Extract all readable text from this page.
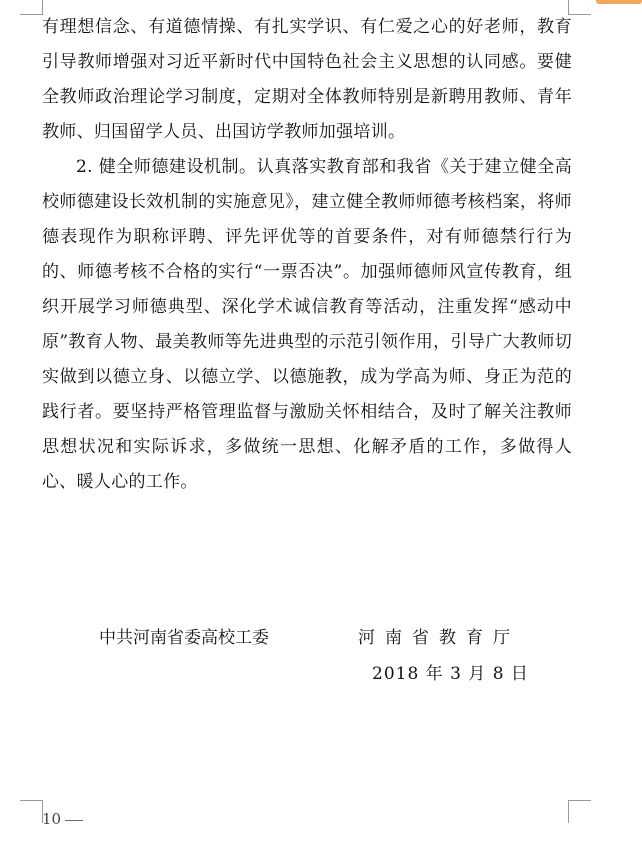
有理想信念、有道德情操、有扎实学识、有仁爱之心的好老师，教育引导教师增强对习近平新时代中国特色社会主义思想的认同感。要健全教师政治理论学习制度，定期对全体教师特别是新聘用教师、青年教师、归国留学人员、出国访学教师加强培训。

2. 健全师德建设机制。认真落实教育部和我省《关于建立健全高校师德建设长效机制的实施意见》，建立健全教师师德考核档案，将师德表现作为职称评聘、评先评优等的首要条件，对有师德禁行行为的、师德考核不合格的实行“一票否决”。加强师德师风宣传教育，组织开展学习师德典型、深化学术诚信教育等活动，注重发挥“感动中原”教育人物、最美教师等先进典型的示范引领作用，引导广大教师切实做到以德立身、以德立学、以德施教，成为学高为师、身正为范的践行者。要坚持严格管理监督与激励关怀相结合，及时了解关注教师思想状况和实际诉求，多做统一思想、化解矛盾的工作，多做得人心、暖人心的工作。

中共河南省委高校工委	河南省教育厅
2018 年 3 月 8 日
10
